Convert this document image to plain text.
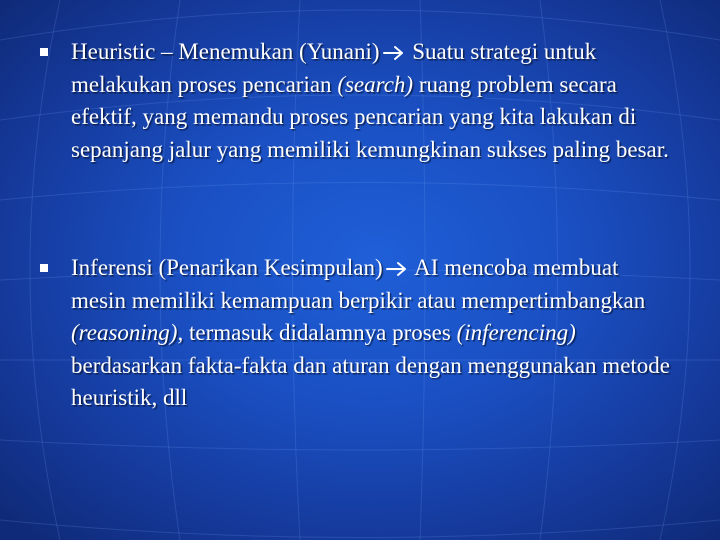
Heuristic – Menemukan (Yunani) Suatu strategi untuk melakukan proses pencarian (search) ruang problem secara efektif, yang memandu proses pencarian yang kita lakukan di sepanjang jalur yang memiliki kemungkinan sukses paling besar.
Inferensi (Penarikan Kesimpulan) AI mencoba membuat mesin memiliki kemampuan berpikir atau mempertimbangkan (reasoning), termasuk didalamnya proses (inferencing) berdasarkan fakta-fakta dan aturan dengan menggunakan metode heuristik, dll
